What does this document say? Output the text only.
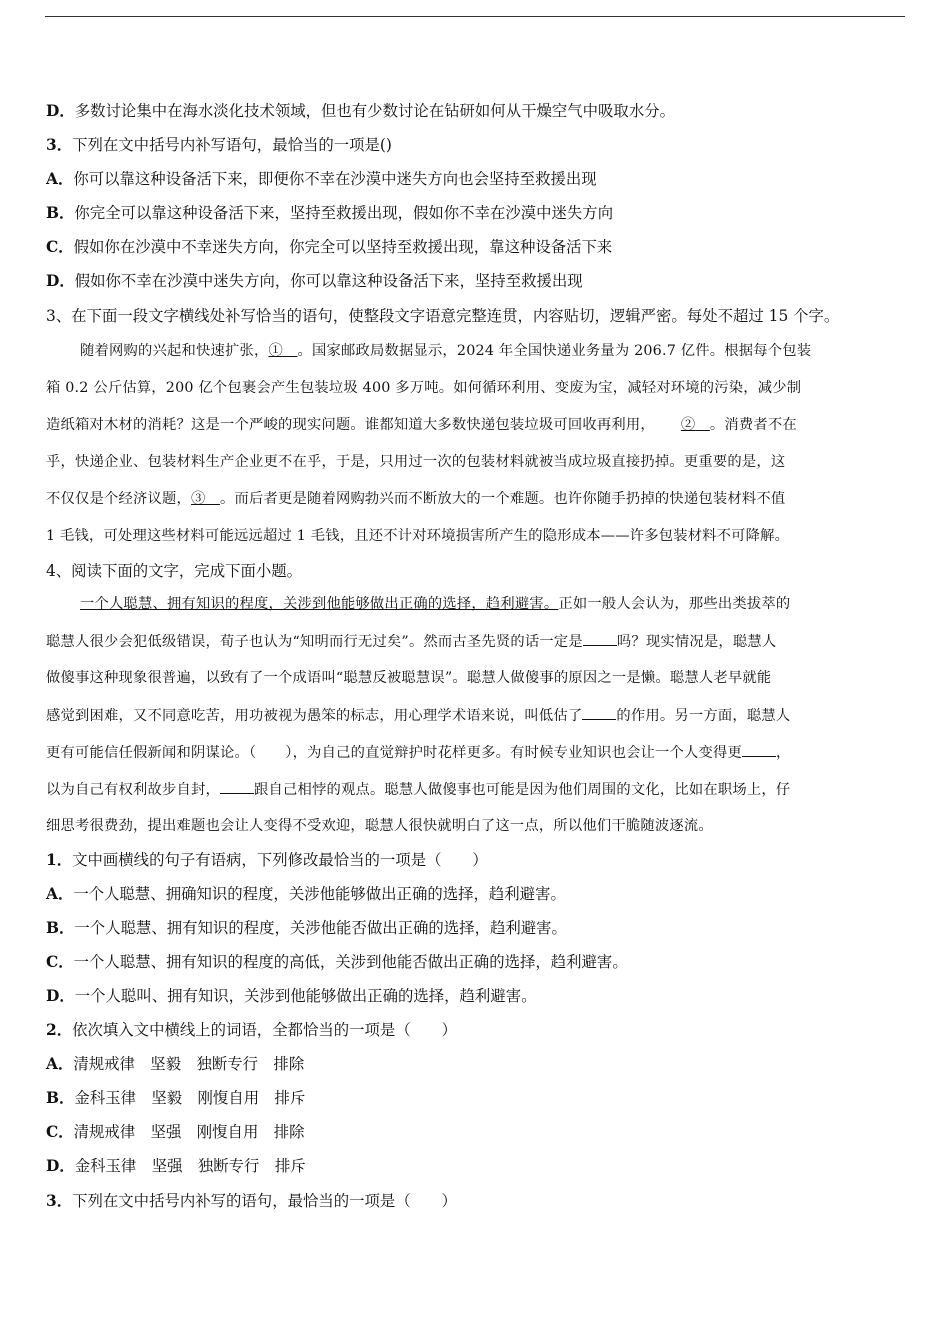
D．多数讨论集中在海水淡化技术领域，但也有少数讨论在钻研如何从干燥空气中吸取水分。
3．下列在文中括号内补写语句，最恰当的一项是()
A．你可以靠这种设备活下来，即便你不幸在沙漠中迷失方向也会坚持至救援出现
B．你完全可以靠这种设备活下来，坚持至救援出现，假如你不幸在沙漠中迷失方向
C．假如你在沙漠中不幸迷失方向，你完全可以坚持至救援出现，靠这种设备活下来
D．假如你不幸在沙漠中迷失方向，你可以靠这种设备活下来，坚持至救援出现
3、在下面一段文字横线处补写恰当的语句，使整段文字语意完整连贯，内容贴切，逻辑严密。每处不超过 15 个字。
随着网购的兴起和快速扩张，①　 。国家邮政局数据显示，2024 年全国快递业务量为 206.7 亿件。根据每个包装
箱 0.2 公斤估算，200 亿个包裹会产生包装垃圾 400 多万吨。如何循环利用、变废为宝，减轻对环境的污染，减少制
造纸箱对木材的消耗？这是一个严峻的现实问题。谁都知道大多数快递包装垃圾可回收再利用， ②　 。消费者不在
乎，快递企业、包装材料生产企业更不在乎，于是，只用过一次的包装材料就被当成垃圾直接扔掉。更重要的是，这
不仅仅是个经济议题，③　 。而后者更是随着网购勃兴而不断放大的一个难题。也许你随手扔掉的快递包装材料不值
1 毛钱，可处理这些材料可能远远超过 1 毛钱，且还不计对环境损害所产生的隐形成本——许多包装材料不可降解。
4、阅读下面的文字，完成下面小题。
一个人聪慧、拥有知识的程度，关涉到他能够做出正确的选择，趋利避害。正如一般人会认为，那些出类拔萃的
聪慧人很少会犯低级错误，荀子也认为“知明而行无过矣”。然而古圣先贤的话一定是 吗？现实情况是，聪慧人
做傻事这种现象很普遍，以致有了一个成语叫“聪慧反被聪慧误”。聪慧人做傻事的原因之一是懒。聪慧人老早就能
感觉到困难，又不同意吃苦，用功被视为愚笨的标志，用心理学术语来说，叫低估了 的作用。另一方面，聪慧人
更有可能信任假新闻和阴谋论。（　　），为自己的直觉辩护时花样更多。有时候专业知识也会让一个人变得更 ，
以为自己有权利故步自封， 跟自己相悖的观点。聪慧人做傻事也可能是因为他们周围的文化，比如在职场上，仔
细思考很费劲，提出难题也会让人变得不受欢迎，聪慧人很快就明白了这一点，所以他们干脆随波逐流。
1．文中画横线的句子有语病，下列修改最恰当的一项是（　　）
A．一个人聪慧、拥确知识的程度，关涉他能够做出正确的选择，趋利避害。
B．一个人聪慧、拥有知识的程度，关涉他能否做出正确的选择，趋利避害。
C．一个人聪慧、拥有知识的程度的高低，关涉到他能否做出正确的选择，趋利避害。
D．一个人聪叫、拥有知识，关涉到他能够做出正确的选择，趋利避害。
2．依次填入文中横线上的词语，全都恰当的一项是（　　）
A．清规戒律　坚毅　独断专行　排除
B．金科玉律　坚毅　刚愎自用　排斥
C．清规戒律　坚强　刚愎自用　排除
D．金科玉律　坚强　独断专行　排斥
3．下列在文中括号内补写的语句，最恰当的一项是（　　）
